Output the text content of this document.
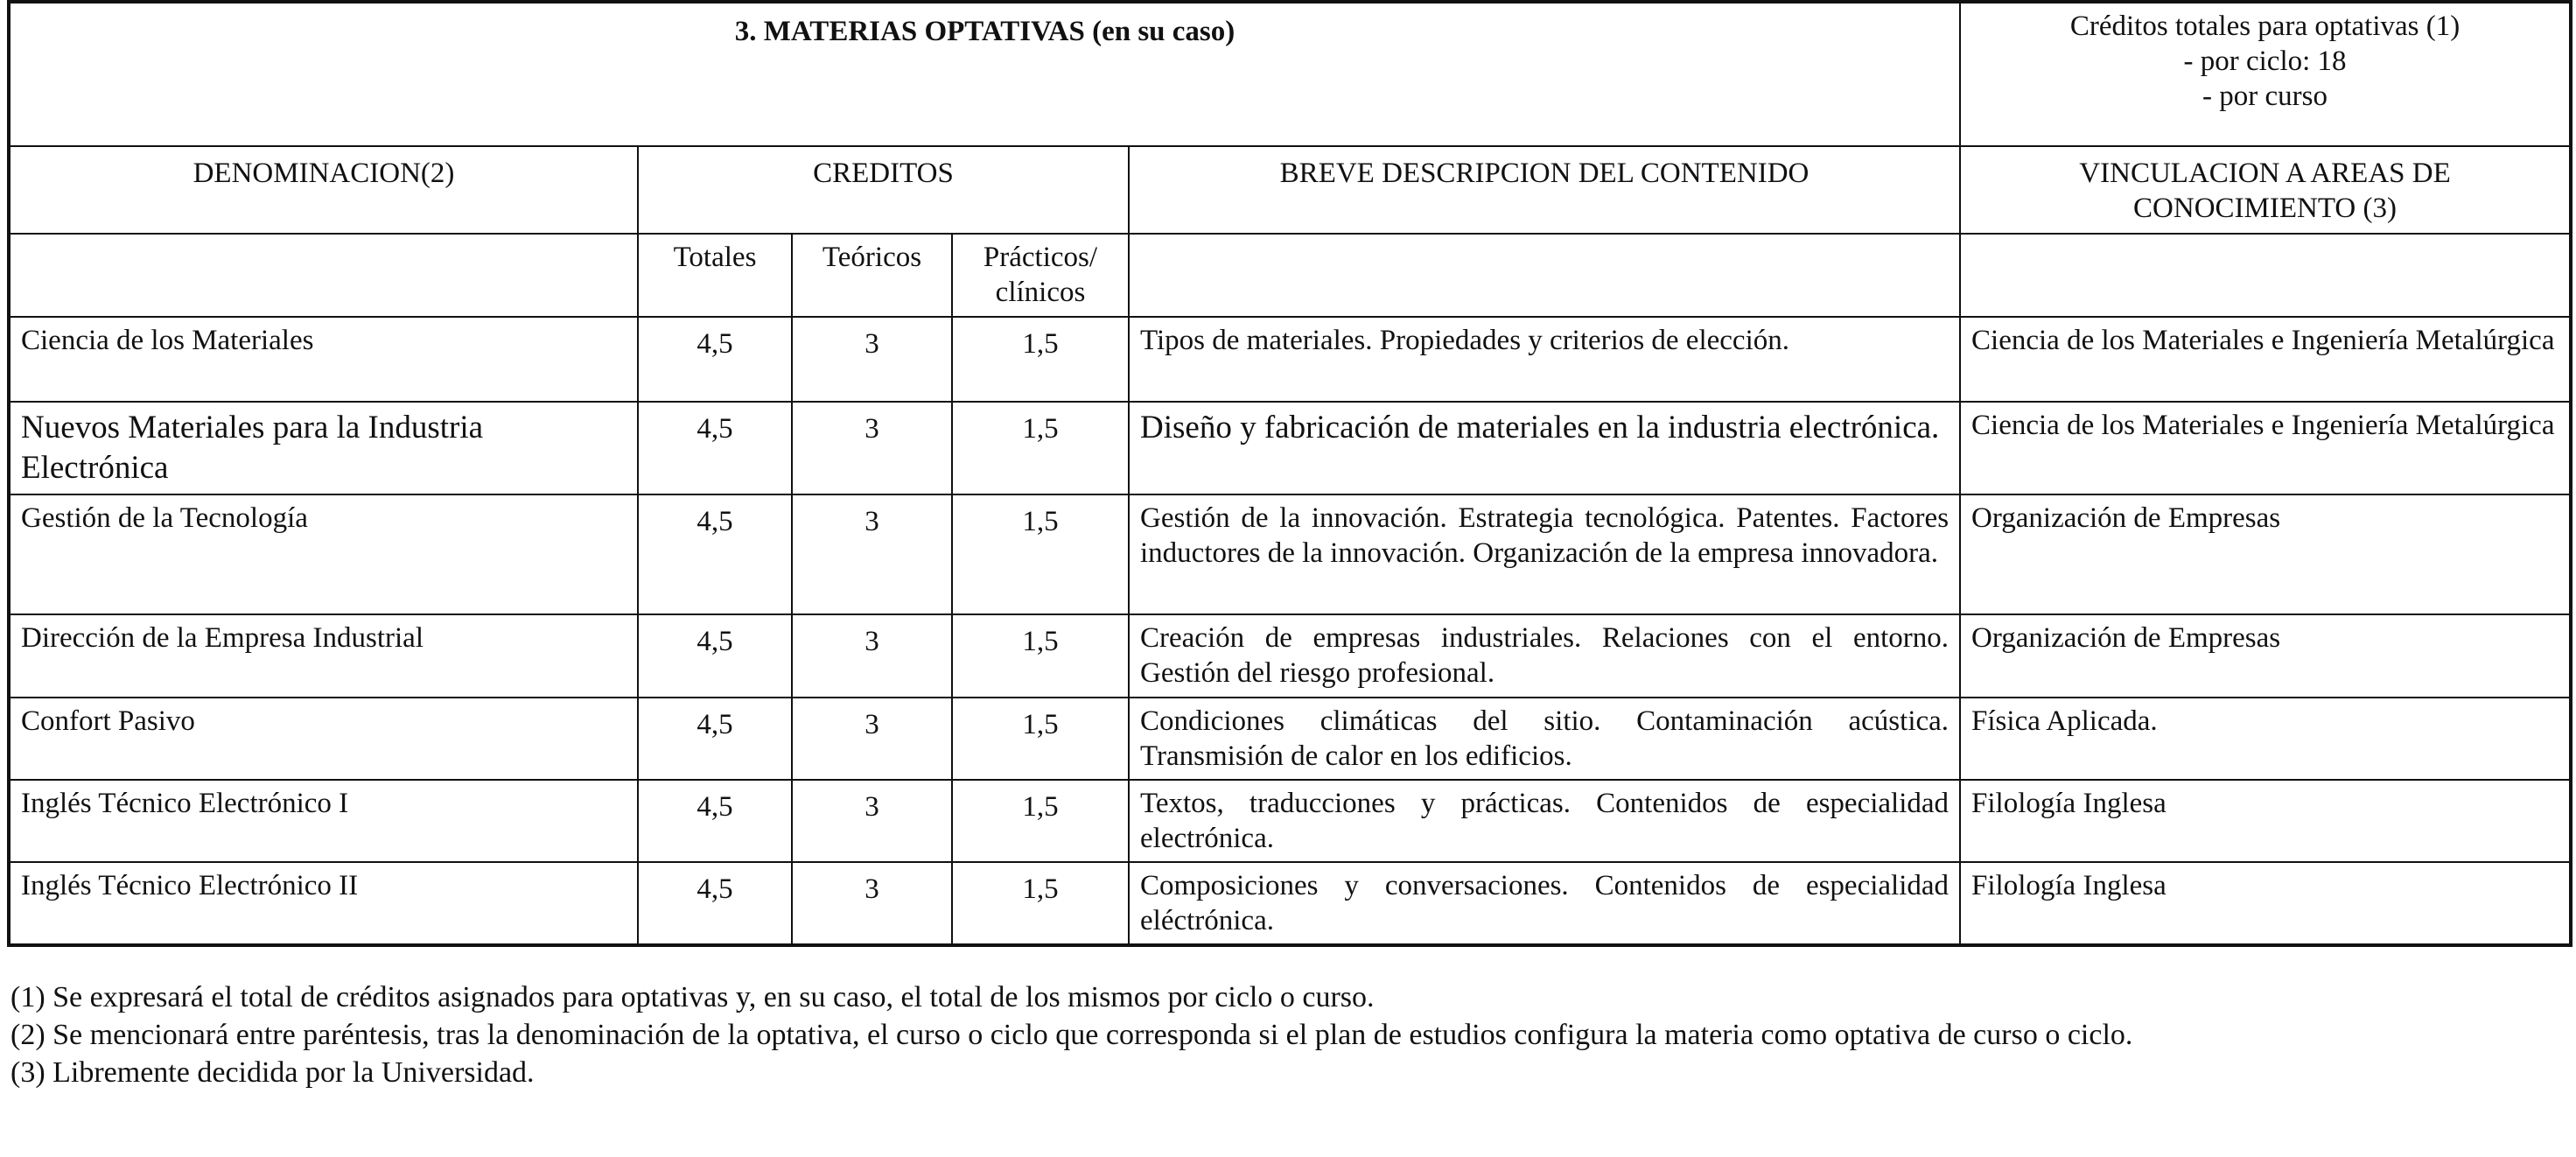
3. MATERIAS OPTATIVAS (en su caso)					Créditos totales para optativas (1)
- por ciclo: 18
- por curso

DENOMINACION(2)	CREDITOS			BREVE DESCRIPCION DEL CONTENIDO	VINCULACION A AREAS DE
CONOCIMIENTO (3)

	Totales	Teóricos	Prácticos/
clínicos		

Ciencia de los Materiales	4,5	3	1,5	Tipos de materiales. Propiedades y criterios de elección.	Ciencia de los Materiales e Ingeniería Metalúrgica
Nuevos Materiales para la Industria Electrónica	4,5	3	1,5	Diseño y fabricación de materiales en la industria electrónica.	Ciencia de los Materiales e Ingeniería Metalúrgica
Gestión de la Tecnología	4,5	3	1,5	Gestión de la innovación. Estrategia tecnológica. Patentes. Factores inductores de la innovación. Organización de la empresa innovadora.	Organización de Empresas
Dirección de la Empresa Industrial	4,5	3	1,5	Creación de empresas industriales. Relaciones con el entorno. Gestión del riesgo profesional.	Organización de Empresas
Confort Pasivo	4,5	3	1,5	Condiciones climáticas del sitio. Contaminación acústica. Transmisión de calor en los edificios.	Física Aplicada.
Inglés Técnico Electrónico I	4,5	3	1,5	Textos, traducciones y prácticas. Contenidos de especialidad electrónica.	Filología Inglesa
Inglés Técnico Electrónico II	4,5	3	1,5	Composiciones y conversaciones. Contenidos de especialidad eléctrónica.	Filología Inglesa

(1) Se expresará el total de créditos asignados para optativas y, en su caso, el total de los mismos por ciclo o curso.

(2) Se mencionará entre paréntesis, tras la denominación de la optativa, el curso o ciclo que corresponda si el plan de estudios configura la materia como optativa de curso o ciclo.

(3) Libremente decidida por la Universidad.
